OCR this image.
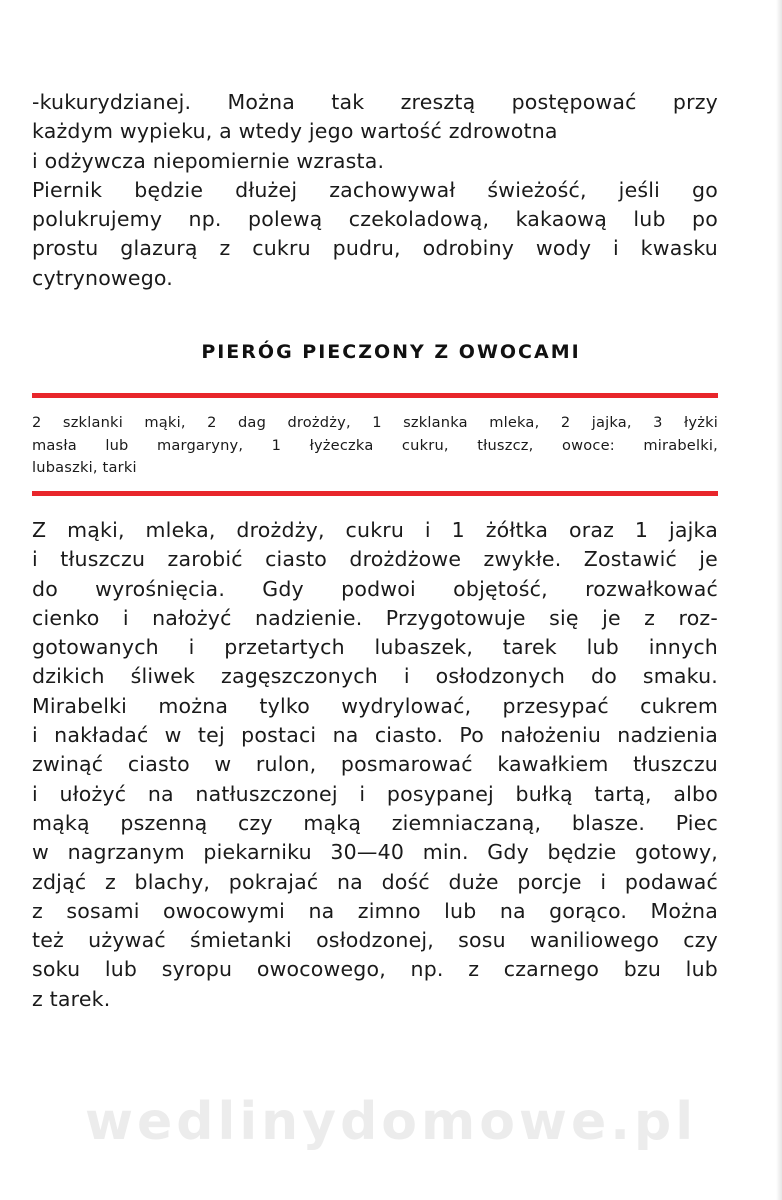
-kukurydzianej. Można tak zresztą postępować przy
każdym wypieku, a wtedy jego wartość zdrowotna
i odżywcza niepomiernie wzrasta.
Piernik będzie dłużej zachowywał świeżość, jeśli go
polukrujemy np. polewą czekoladową, kakaową lub po
prostu glazurą z cukru pudru, odrobiny wody i kwasku
cytrynowego.
PIERÓG PIECZONY Z OWOCAMI
2 szklanki mąki, 2 dag drożdży, 1 szklanka mleka, 2 jajka, 3 łyżki
masła lub margaryny, 1 łyżeczka cukru, tłuszcz, owoce: mirabelki,
lubaszki, tarki
Z mąki, mleka, drożdży, cukru i 1 żółtka oraz 1 jajka
i tłuszczu zarobić ciasto drożdżowe zwykłe. Zostawić je
do wyrośnięcia. Gdy podwoi objętość, rozwałkować
cienko i nałożyć nadzienie. Przygotowuje się je z roz-
gotowanych i przetartych lubaszek, tarek lub innych
dzikich śliwek zagęszczonych i osłodzonych do smaku.
Mirabelki można tylko wydrylować, przesypać cukrem
i nakładać w tej postaci na ciasto. Po nałożeniu nadzienia
zwinąć ciasto w rulon, posmarować kawałkiem tłuszczu
i ułożyć na natłuszczonej i posypanej bułką tartą, albo
mąką pszenną czy mąką ziemniaczaną, blasze. Piec
w nagrzanym piekarniku 30—40 min. Gdy będzie gotowy,
zdjąć z blachy, pokrajać na dość duże porcje i podawać
z sosami owocowymi na zimno lub na gorąco. Można
też używać śmietanki osłodzonej, sosu waniliowego czy
soku lub syropu owocowego, np. z czarnego bzu lub
z tarek.

wedlinydomowe.pl
